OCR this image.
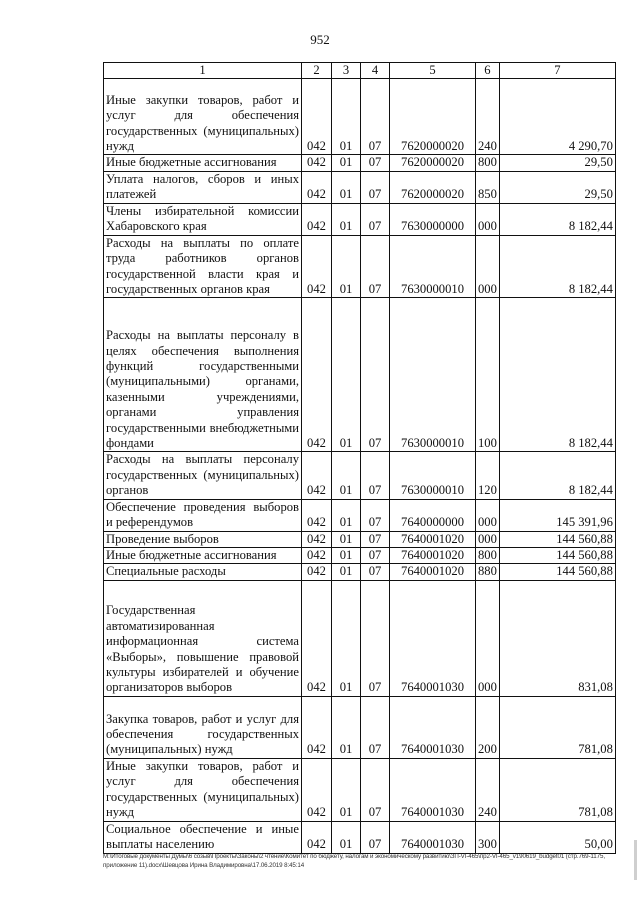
952
1	2	3	4	5	6	7
Иные закупки товаров, работ и услуг для обеспечения государственных (муниципальных) нужд	042	01	07	7620000020	240	4 290,70
Иные бюджетные ассигнования	042	01	07	7620000020	800	29,50
Уплата налогов, сборов и иных платежей	042	01	07	7620000020	850	29,50
Члены избирательной комиссии Хабаровского края	042	01	07	7630000000	000	8 182,44
Расходы на выплаты по оплате труда работников органов государственной власти края и государственных органов края	042	01	07	7630000010	000	8 182,44
Расходы на выплаты персоналу в целях обеспечения выполнения функций государственными (муниципальными) органами, казенными учреждениями, органами управления государственными внебюджетными фондами	042	01	07	7630000010	100	8 182,44
Расходы на выплаты персоналу государственных (муниципальных) органов	042	01	07	7630000010	120	8 182,44
Обеспечение проведения выборов и референдумов	042	01	07	7640000000	000	145 391,96
Проведение выборов	042	01	07	7640001020	000	144 560,88
Иные бюджетные ассигнования	042	01	07	7640001020	800	144 560,88
Специальные расходы	042	01	07	7640001020	880	144 560,88
Государственная автоматизированная информационная система «Выборы», повышение правовой культуры избирателей и обучение организаторов выборов	042	01	07	7640001030	000	831,08
Закупка товаров, работ и услуг для обеспечения государственных (муниципальных) нужд	042	01	07	7640001030	200	781,08
Иные закупки товаров, работ и услуг для обеспечения государственных (муниципальных) нужд	042	01	07	7640001030	240	781,08
Социальное обеспечение и иные выплаты населению	042	01	07	7640001030	300	50,00
M:\Итоговые документы Думы\6 созыв\Проекты\Законы\2 чтение\Комитет по бюджету, налогам и экономическому развитию\ЗП-VI-465\пр2-VI-465_v190619_budget01 (стр.769-1175, приложение 11).docx\Шевцова Ирина Владимировна\17.06.2019 8:45:14
